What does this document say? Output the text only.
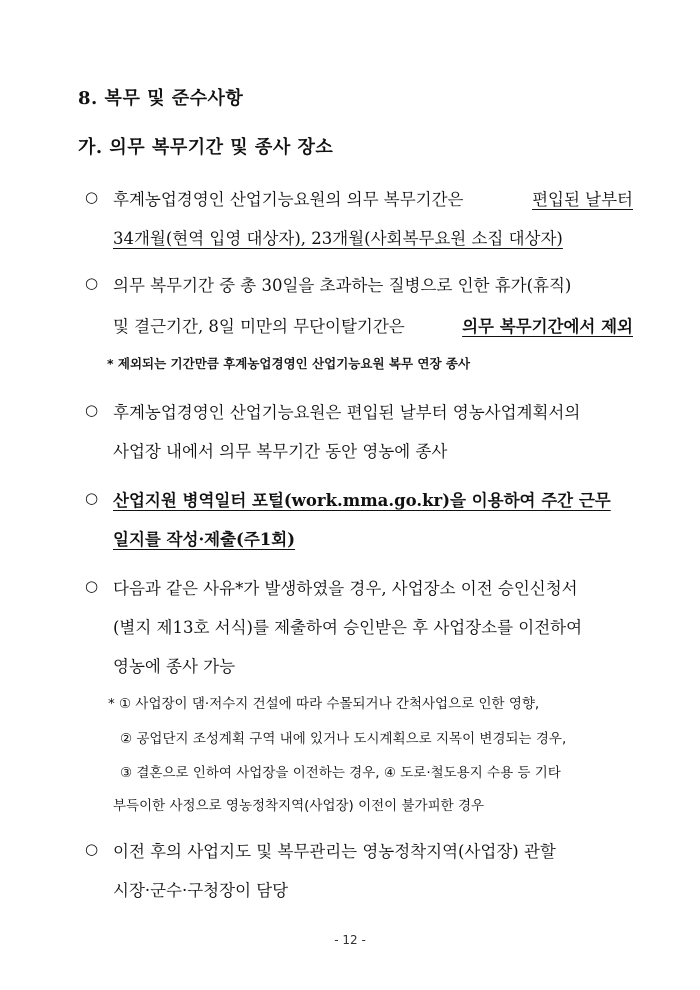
8. 복무 및 준수사항
가. 의무 복무기간 및 종사 장소
○ 후계농업경영인 산업기능요원의 의무 복무기간은	편입된 날부터
34개월(현역 입영 대상자), 23개월(사회복무요원 소집 대상자)
○ 의무 복무기간 중 총 30일을 초과하는 질병으로 인한 휴가(휴직)
및 결근기간, 8일 미만의 무단이탈기간은	의무 복무기간에서 제외
* 제외되는 기간만큼 후계농업경영인 산업기능요원 복무 연장 종사
○ 후계농업경영인 산업기능요원은 편입된 날부터 영농사업계획서의
사업장 내에서 의무 복무기간 동안 영농에 종사
○ 산업지원 병역일터 포털(work.mma.go.kr)을 이용하여 주간 근무
일지를 작성·제출(주1회)
○ 다음과 같은 사유*가 발생하였을 경우, 사업장소 이전 승인신청서
(별지 제13호 서식)를 제출하여 승인받은 후 사업장소를 이전하여
영농에 종사 가능
* ① 사업장이 댐·저수지 건설에 따라 수몰되거나 간척사업으로 인한 영향,
② 공업단지 조성계획 구역 내에 있거나 도시계획으로 지목이 변경되는 경우,
③ 결혼으로 인하여 사업장을 이전하는 경우, ④ 도로·철도용지 수용 등 기타
부득이한 사정으로 영농정착지역(사업장) 이전이 불가피한 경우
○ 이전 후의 사업지도 및 복무관리는 영농정착지역(사업장) 관할
시장·군수·구청장이 담당
- 12 -
